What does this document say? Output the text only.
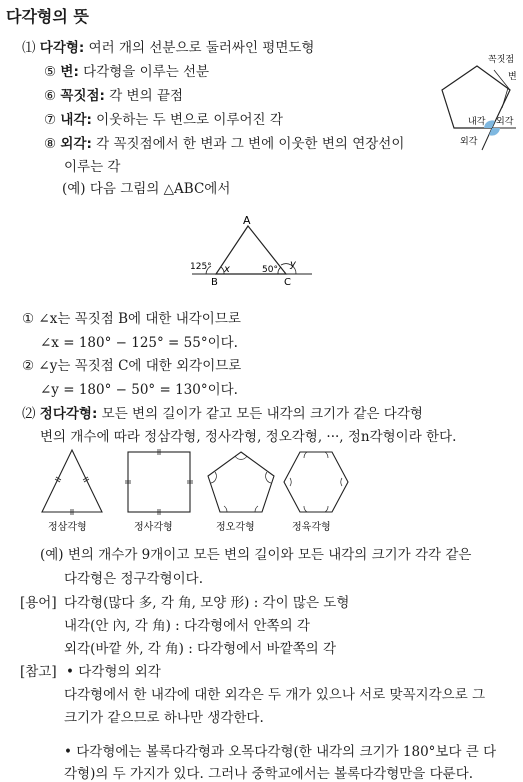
다각형의 뜻
⑴ 다각형: 여러 개의 선분으로 둘러싸인 평면도형
⑤ 변: 다각형을 이루는 선분
⑥ 꼭짓점: 각 변의 끝점
⑦ 내각: 이웃하는 두 변으로 이루어진 각
⑧ 외각: 각 꼭짓점에서 한 변과 그 변에 이웃한 변의 연장선이
이루는 각
(예) 다음 그림의 △ABC에서
꼭짓점
변
내각 외각
외각
A
B	C
125° x	50° y
① ∠x는 꼭짓점 B에 대한 내각이므로
∠x = 180° − 125° = 55°이다.
② ∠y는 꼭짓점 C에 대한 외각이므로
∠y = 180° − 50° = 130°이다.
⑵ 정다각형: 모든 변의 길이가 같고 모든 내각의 크기가 같은 다각형
변의 개수에 따라 정삼각형, 정사각형, 정오각형, ···, 정n각형이라 한다.
정삼각형	정사각형	정오각형	정육각형
(예) 변의 개수가 9개이고 모든 변의 길이와 모든 내각의 크기가 각각 같은
다각형은 정구각형이다.
[용어] 다각형(많다 多, 각 角, 모양 形) : 각이 많은 도형
내각(안 內, 각 角) : 다각형에서 안쪽의 각
외각(바깥 外, 각 角) : 다각형에서 바깥쪽의 각
[참고] • 다각형의 외각
다각형에서 한 내각에 대한 외각은 두 개가 있으나 서로 맞꼭지각으로 그
크기가 같으므로 하나만 생각한다.
• 다각형에는 볼록다각형과 오목다각형(한 내각의 크기가 180°보다 큰 다
각형)의 두 가지가 있다. 그러나 중학교에서는 볼록다각형만을 다룬다.
